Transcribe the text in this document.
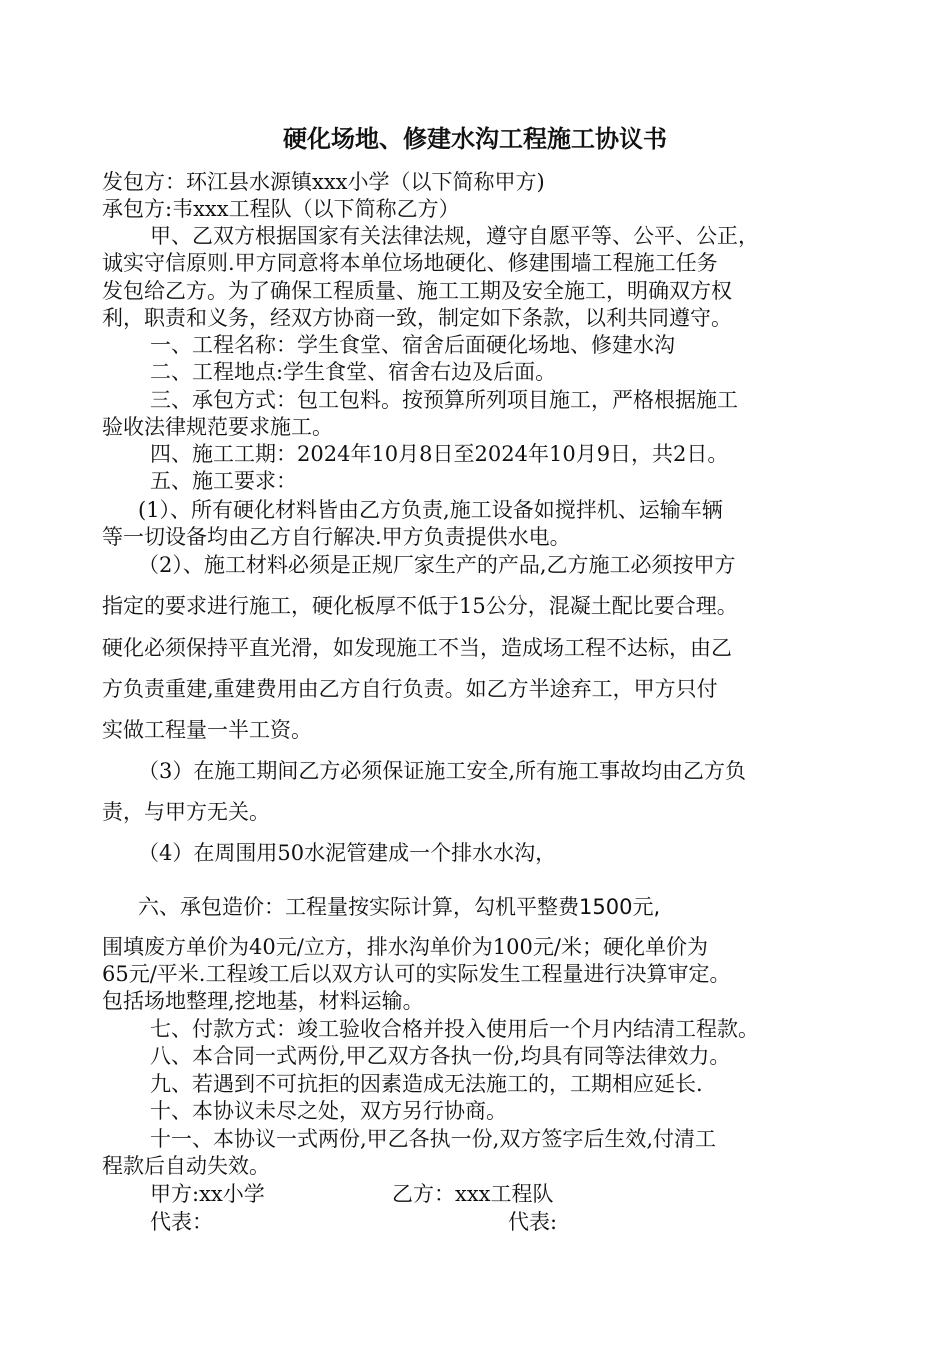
硬化场地、修建水沟工程施工协议书
发包方：环江县水源镇xxx小学（以下简称甲方)
承包方:韦xxx工程队（以下简称乙方）
甲、乙双方根据国家有关法律法规，遵守自愿平等、公平、公正，
诚实守信原则.甲方同意将本单位场地硬化、修建围墙工程施工任务
发包给乙方。为了确保工程质量、施工工期及安全施工，明确双方权
利，职责和义务，经双方协商一致，制定如下条款，以利共同遵守。
一、工程名称：学生食堂、宿舍后面硬化场地、修建水沟
二、工程地点:学生食堂、宿舍右边及后面。
三、承包方式：包工包料。按预算所列项目施工，严格根据施工
验收法律规范要求施工。
四、施工工期：2024年10月8日至2024年10月9日，共2日。
五、施工要求：
(1）、所有硬化材料皆由乙方负责,施工设备如搅拌机、运输车辆
等一切设备均由乙方自行解决.甲方负责提供水电。
（2）、施工材料必须是正规厂家生产的产品,乙方施工必须按甲方
指定的要求进行施工，硬化板厚不低于15公分，混凝土配比要合理。
硬化必须保持平直光滑，如发现施工不当，造成场工程不达标，由乙
方负责重建,重建费用由乙方自行负责。如乙方半途弃工，甲方只付
实做工程量一半工资。
（3）在施工期间乙方必须保证施工安全,所有施工事故均由乙方负
责，与甲方无关。
（4）在周围用50水泥管建成一个排水水沟，
六、承包造价：工程量按实际计算，勾机平整费1500元,
围填废方单价为40元/立方，排水沟单价为100元/米；硬化单价为
65元/平米.工程竣工后以双方认可的实际发生工程量进行决算审定。
包括场地整理,挖地基，材料运输。
七、付款方式：竣工验收合格并投入使用后一个月内结清工程款。
八、本合同一式两份,甲乙双方各执一份,均具有同等法律效力。
九、若遇到不可抗拒的因素造成无法施工的，工期相应延长.
十、本协议未尽之处，双方另行协商。
十一、本协议一式两份,甲乙各执一份,双方签字后生效,付清工
程款后自动失效。
甲方:xx小学	乙方：xxx工程队
代表：	代表:
